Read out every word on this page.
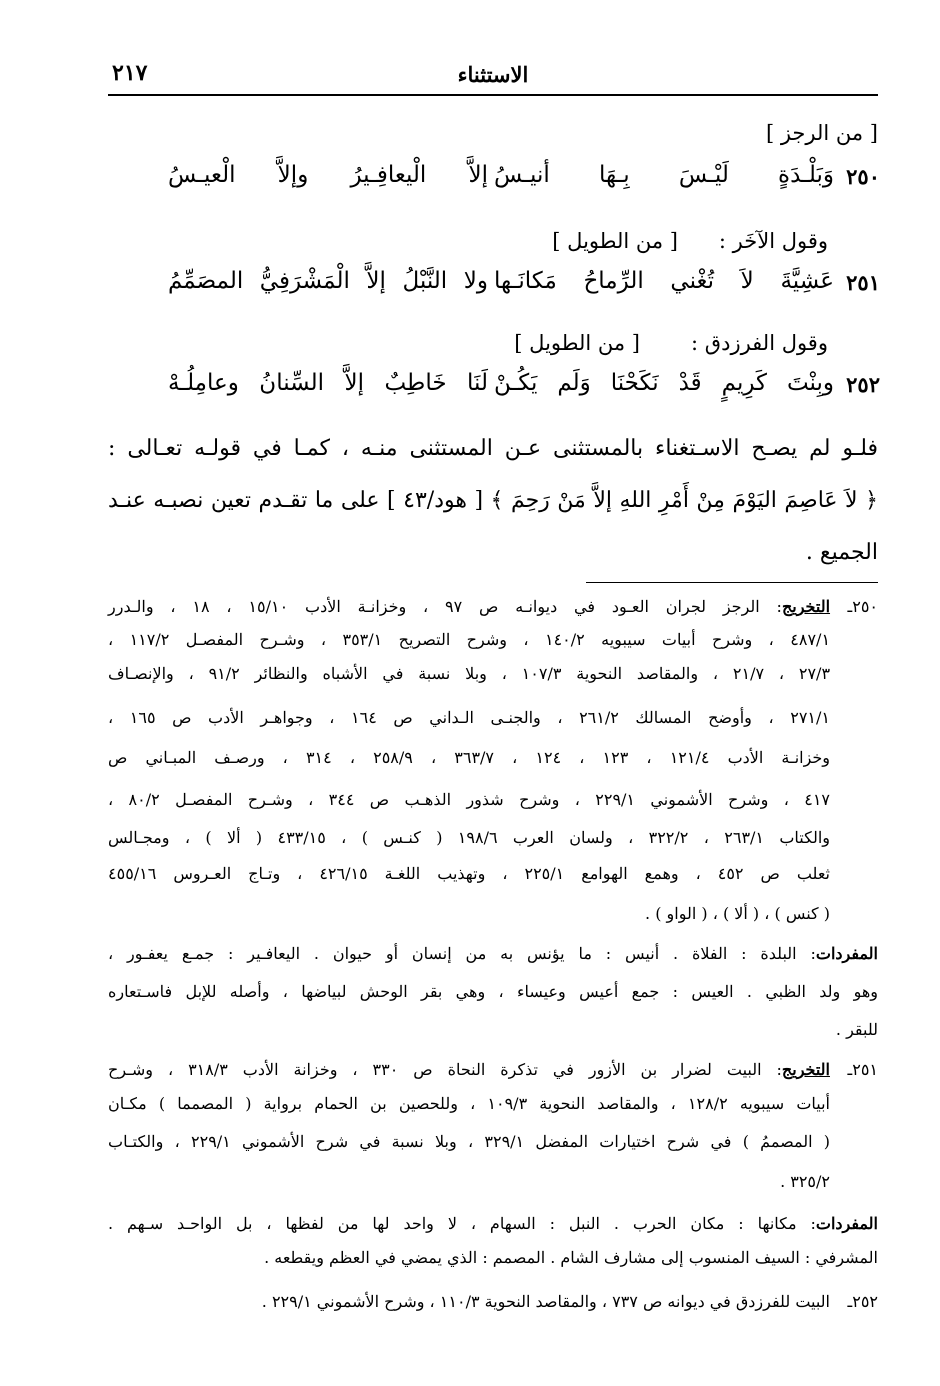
الاستثناء
٢١٧
[ من الرجز ]
٢٥٠
وَبَلْـدَةٍ لَيْـسَ بِـهَا أنيـسُ
إلاَّ الْيعافِـيرُ وإلاَّ الْعيـسُ
وقول الآخَر :
[ من الطويل ]
٢٥١
عَشِيَّةَ لاَ تُغْني الرِّماحُ مَكانَـها
ولا النَّبْلُ إلاَّ الْمَشْرَفِيُّ المصَمِّمُ
وقول الفرزدق :
[ من الطويل ]
٢٥٢
وبِنْتَ كَرِيمٍ قَدْ نَكَحْنَا وَلَم يَكُـنْ
لَنَا خَاطِبٌ إلاَّ السِّنانُ وعامِلُـهْ
فلـو لم يصـح الاسـتغناء بالمستثنى عـن المستثنى منـه ، كمـا في قولـه تعـالى :
﴿ لاَ عَاصِمَ اليَوْمَ مِنْ أَمْرِ اللهِ إلاَّ مَنْ رَحِمَ ﴾ [ هود/٤٣ ] على ما تقـدم تعين نصبـه عنـد
الجميع .
٢٥٠ـ
التخريج: الرجز لجران العـود في ديوانـه ص ٩٧ ، وخزانـة الأدب ١٥/١٠ ، ١٨ ، والـدرر
٤٨٧/١ ، وشرح أبيات سيبويه ١٤٠/٢ ، وشرح التصريح ٣٥٣/١ ، وشـرح المفصـل ١١٧/٢ ،
٢٧/٣ ، ٢١/٧ ، والمقاصد النحوية ١٠٧/٣ ، وبلا نسبة في الأشباه والنظائر ٩١/٢ ، والإنصـاف
٢٧١/١ ، وأوضح المسالك ٢٦١/٢ ، والجنـى الـداني ص ١٦٤ ، وجواهـر الأدب ص ١٦٥ ،
وخزانـة الأدب ١٢١/٤ ، ١٢٣ ، ١٢٤ ، ٣٦٣/٧ ، ٢٥٨/٩ ، ٣١٤ ، ورصـف المبـاني ص
٤١٧ ، وشرح الأشموني ٢٢٩/١ ، وشرح شذور الذهـب ص ٣٤٤ ، وشـرح المفصـل ٨٠/٢ ،
والكتاب ٢٦٣/١ ، ٣٢٢/٢ ، ولسان العرب ١٩٨/٦ ( كنـس ) ، ٤٣٣/١٥ ( ألا ) ، ومجـالس
ثعلب ص ٤٥٢ ، وهمع الهوامع ٢٢٥/١ ، وتهذيب اللغـة ٤٢٦/١٥ ، وتـاج العـروس ٤٥٥/١٦
( كنس ) ، ( ألا ) ، ( الواو ) .
المفردات: البلدة : الفلاة . أنيس : ما يؤنس به من إنسان أو حيوان . اليعافـير : جمـع يعفـور ،
وهو ولد الظبي . العيس : جمع أعيس وعيساء ، وهي بقر الوحش لبياضها ، وأصله للإبل فاسـتعاره
للبقر .
٢٥١ـ
التخريج: البيت لضرار بن الأزور في تذكرة النحاة ص ٣٣٠ ، وخزانة الأدب ٣١٨/٣ ، وشـرح
أبيات سيبويه ١٢٨/٢ ، والمقاصد النحوية ١٠٩/٣ ، وللحصين بن الحمام برواية ( المصمما ) مكـان
( المصممُ ) في شرح اختيارات المفضل ٣٢٩/١ ، وبلا نسبة في شرح الأشموني ٢٢٩/١ ، والكتـاب
٣٢٥/٢ .
المفردات: مكانها : مكان الحرب . النبل : السهام ، لا واحد لها من لفظها ، بل الواحـد سـهم .
المشرفي : السيف المنسوب إلى مشارف الشام . المصمم : الذي يمضي في العظم ويقطعه .
٢٥٢ـ
البيت للفرزدق في ديوانه ص ٧٣٧ ، والمقاصد النحوية ١١٠/٣ ، وشرح الأشموني ٢٢٩/١ .
